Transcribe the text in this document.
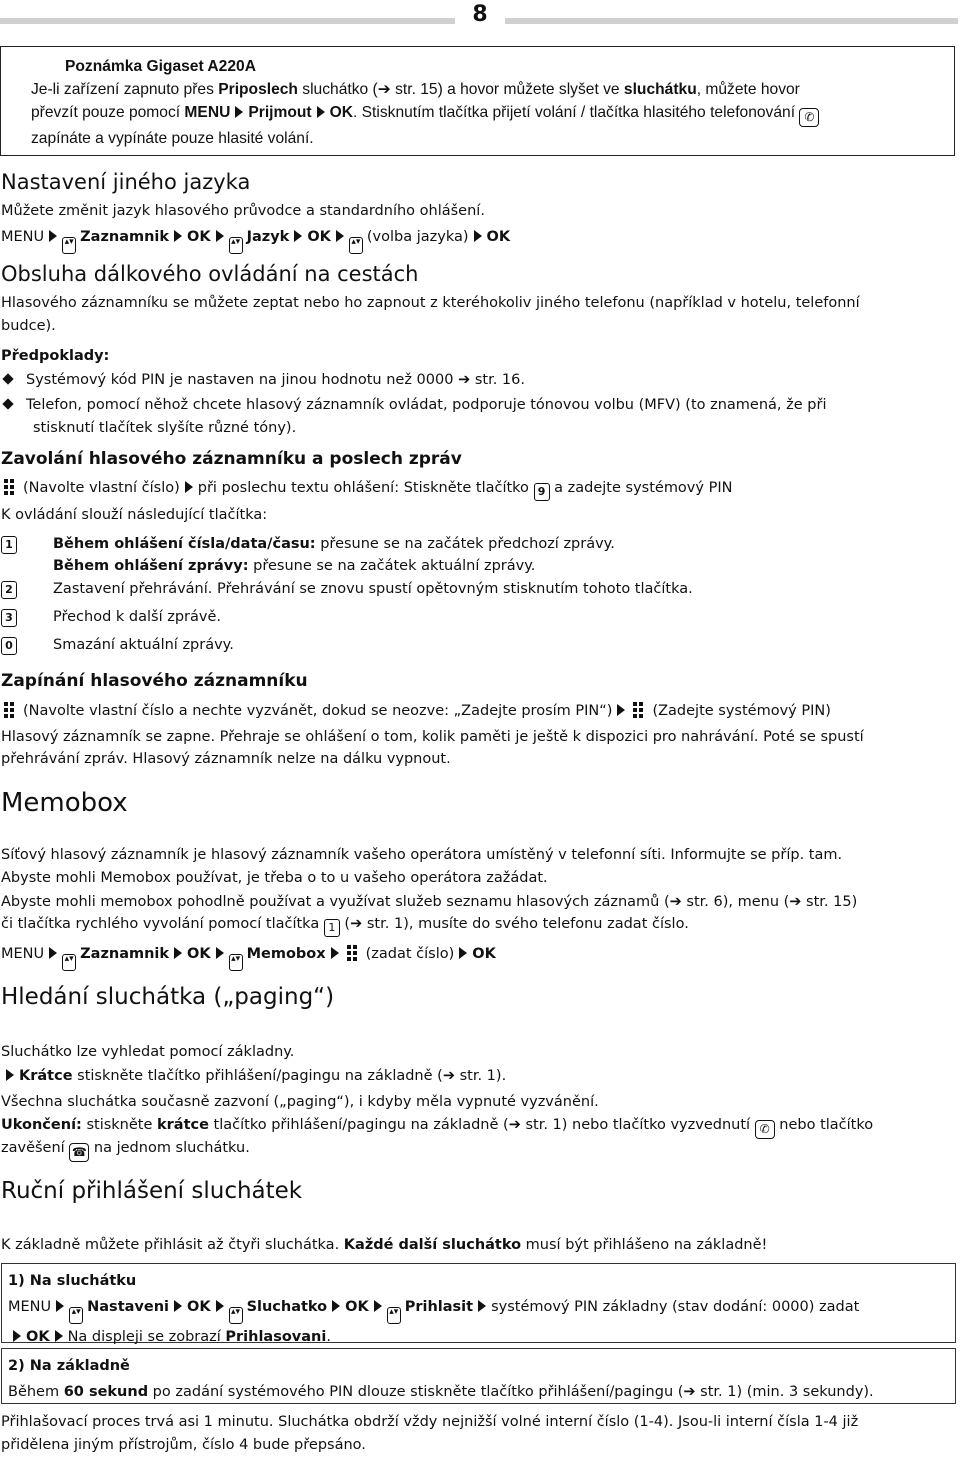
8
Poznámka Gigaset A220A
Je-li zařízení zapnuto přes Priposlech sluchátko (➔ str. 15) a hovor můžete slyšet ve sluchátku, můžete hovor
převzít pouze pomocí MENU Prijmout OK. Stisknutím tlačítka přijetí volání / tlačítka hlasitého telefonování ✆
zapínáte a vypínáte pouze hlasité volání.
Nastavení jiného jazyka
Můžete změnit jazyk hlasového průvodce a standardního ohlášení.
MENU ▴▾ Zaznamnik OK ▴▾ Jazyk OK ▴▾ (volba jazyka) OK
Obsluha dálkového ovládání na cestách
Hlasového záznamníku se můžete zeptat nebo ho zapnout z kteréhokoliv jiného telefonu (například v hotelu, telefonní
budce).
Předpoklady:
Systémový kód PIN je nastaven na jinou hodnotu než 0000 ➔ str. 16.
Telefon, pomocí něhož chcete hlasový záznamník ovládat, podporuje tónovou volbu (MFV) (to znamená, že při
stisknutí tlačítek slyšíte různé tóny).
Zavolání hlasového záznamníku a poslech zpráv
(Navolte vlastní číslo) při poslechu textu ohlášení: Stiskněte tlačítko 9 a zadejte systémový PIN
K ovládání slouží následující tlačítka:
1	Během ohlášení čísla/data/času: přesune se na začátek předchozí zprávy.
Během ohlášení zprávy: přesune se na začátek aktuální zprávy.
2	Zastavení přehrávání. Přehrávání se znovu spustí opětovným stisknutím tohoto tlačítka.
3	Přechod k další zprávě.
0	Smazání aktuální zprávy.
Zapínání hlasového záznamníku
(Navolte vlastní číslo a nechte vyzvánět, dokud se neozve: „Zadejte prosím PIN“)	(Zadejte systémový PIN)
Hlasový záznamník se zapne. Přehraje se ohlášení o tom, kolik paměti je ještě k dispozici pro nahrávání. Poté se spustí
přehrávání zpráv. Hlasový záznamník nelze na dálku vypnout.
Memobox
Síťový hlasový záznamník je hlasový záznamník vašeho operátora umístěný v telefonní síti. Informujte se příp. tam.
Abyste mohli Memobox používat, je třeba o to u vašeho operátora zažádat.
Abyste mohli memobox pohodlně používat a využívat služeb seznamu hlasových záznamů (➔ str. 6), menu (➔ str. 15)
či tlačítka rychlého vyvolání pomocí tlačítka 1 (➔ str. 1), musíte do svého telefonu zadat číslo.
MENU ▴▾ Zaznamnik OK ▴▾ Memobox	(zadat číslo) OK
Hledání sluchátka („paging“)
Sluchátko lze vyhledat pomocí základny.
Krátce stiskněte tlačítko přihlášení/pagingu na základně (➔ str. 1).
Všechna sluchátka současně zazvoní („paging“), i kdyby měla vypnuté vyzvánění.
Ukončení: stiskněte krátce tlačítko přihlášení/pagingu na základně (➔ str. 1) nebo tlačítko vyzvednutí ✆ nebo tlačítko
zavěšení ☎ na jednom sluchátku.
Ruční přihlášení sluchátek
K základně můžete přihlásit až čtyři sluchátka. Každé další sluchátko musí být přihlášeno na základně!
1) Na sluchátku
MENU ▴▾ Nastaveni OK ▴▾ Sluchatko OK ▴▾ Prihlasit systémový PIN základny (stav dodání: 0000) zadat
OK Na displeji se zobrazí Prihlasovani.
2) Na základně
Během 60 sekund po zadání systémového PIN dlouze stiskněte tlačítko přihlášení/pagingu (➔ str. 1) (min. 3 sekundy).
Přihlašovací proces trvá asi 1 minutu. Sluchátka obdrží vždy nejnižší volné interní číslo (1-4). Jsou-li interní čísla 1-4 již
přidělena jiným přístrojům, číslo 4 bude přepsáno.
